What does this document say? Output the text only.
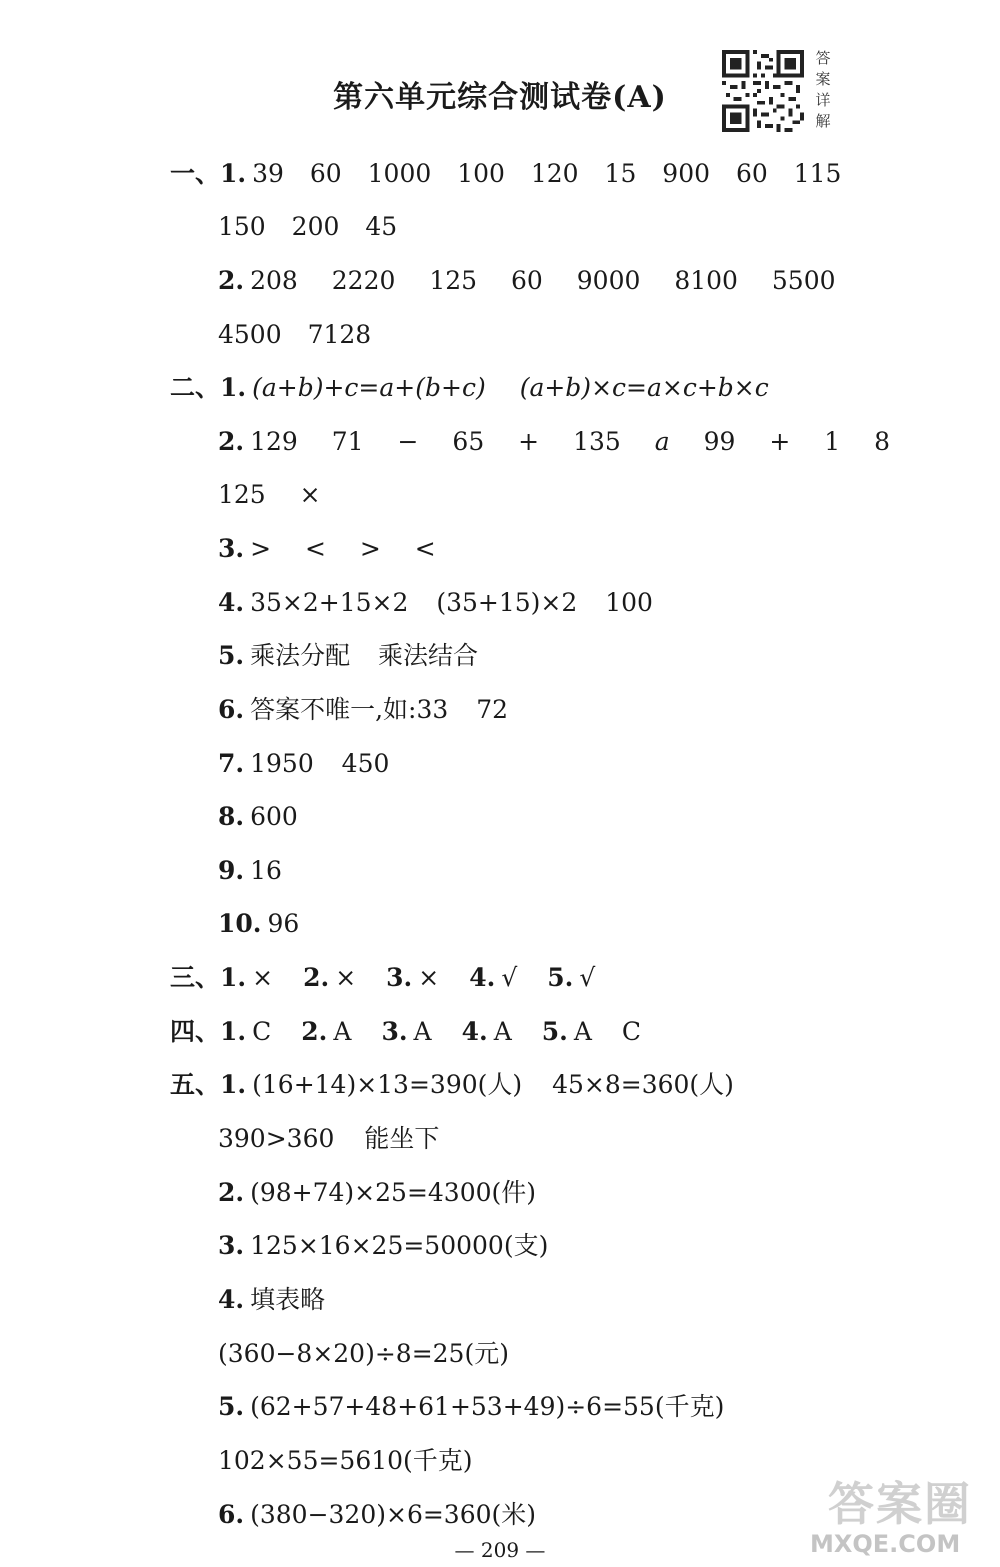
第六单元综合测试卷(A)
答
案
详
解
一、1. 39 60 1000 100 120 15 900 60 115
150 200 45
2. 208 2220 125 60 9000 8100 5500
4500 7128
二、1. (a+b)+c=a+(b+c) (a+b)×c=a×c+b×c
2. 129 71 − 65 + 135 a 99 + 1 8
125 ×
3. > < > <
4. 35×2+15×2 (35+15)×2 100
5. 乘法分配 乘法结合
6. 答案不唯一,如:33 72
7. 1950 450
8. 600
9. 16
10. 96
三、1. × 2. × 3. × 4. √ 5. √
四、1. C 2. A 3. A 4. A 5. A C
五、1. (16+14)×13=390(人) 45×8=360(人)
390>360 能坐下
2. (98+74)×25=4300(件)
3. 125×16×25=50000(支)
4. 填表略
(360−8×20)÷8=25(元)
5. (62+57+48+61+53+49)÷6=55(千克)
102×55=5610(千克)
6. (380−320)×6=360(米)
— 209 —
答案圈
MXQE.COM
